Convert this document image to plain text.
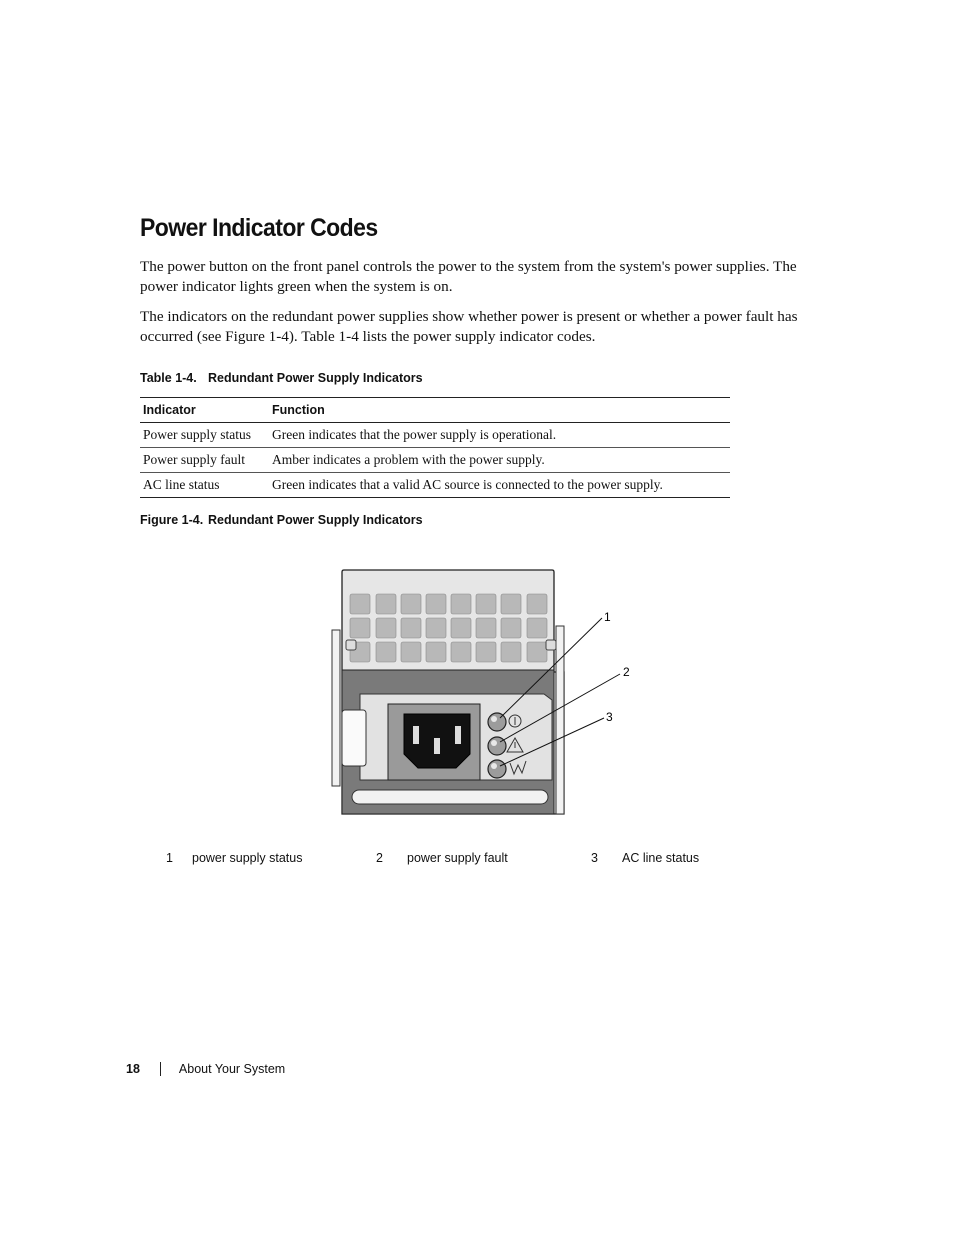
Power Indicator Codes

The power button on the front panel controls the power to the system from the system's power supplies. The power indicator lights green when the system is on.

The indicators on the redundant power supplies show whether power is present or whether a power fault has occurred (see Figure 1-4). Table 1-4 lists the power supply indicator codes.

Table 1-4. Redundant Power Supply Indicators

Indicator	Function
Power supply status	Green indicates that the power supply is operational.
Power supply fault	Amber indicates a problem with the power supply.
AC line status	Green indicates that a valid AC source is connected to the power supply.

Figure 1-4. Redundant Power Supply Indicators

1
2
3
1 power supply status	2 power supply fault	3 AC line status
18	About Your System
